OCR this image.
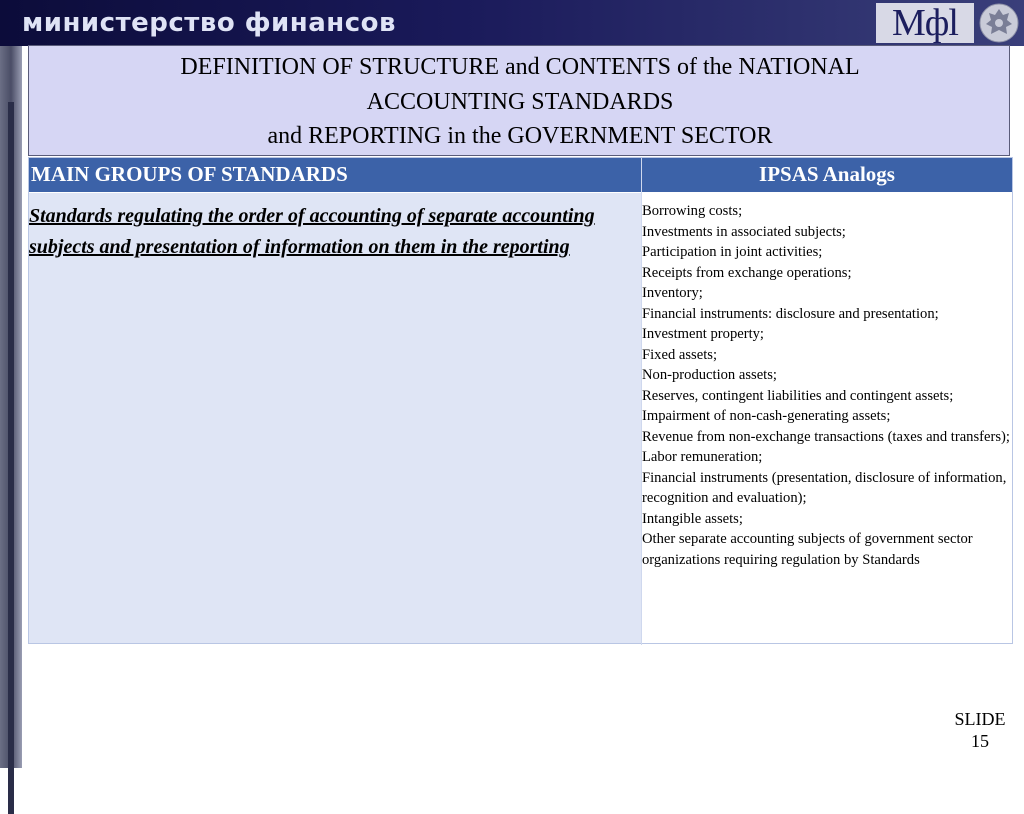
министерство финансов	Мфl
DEFINITION OF STRUCTURE and CONTENTS of the NATIONAL
ACCOUNTING STANDARDS
and REPORTING in the GOVERNMENT SECTOR
MAIN GROUPS OF STANDARDS	IPSAS Analogs
Standards regulating the order of accounting of separate accounting subjects and presentation of information on them in the reporting
Borrowing costs;
Investments in associated subjects;
Participation in joint activities;
Receipts from exchange operations;
Inventory;
Financial instruments: disclosure and presentation;
Investment property;
Fixed assets;
Non-production assets;
Reserves, contingent liabilities and contingent assets;
Impairment of non-cash-generating assets;
Revenue from non-exchange transactions (taxes and transfers);
Labor remuneration;
Financial instruments (presentation, disclosure of information, recognition and evaluation);
Intangible assets;
Other separate accounting subjects of government sector organizations requiring regulation by Standards
SLIDE
15
